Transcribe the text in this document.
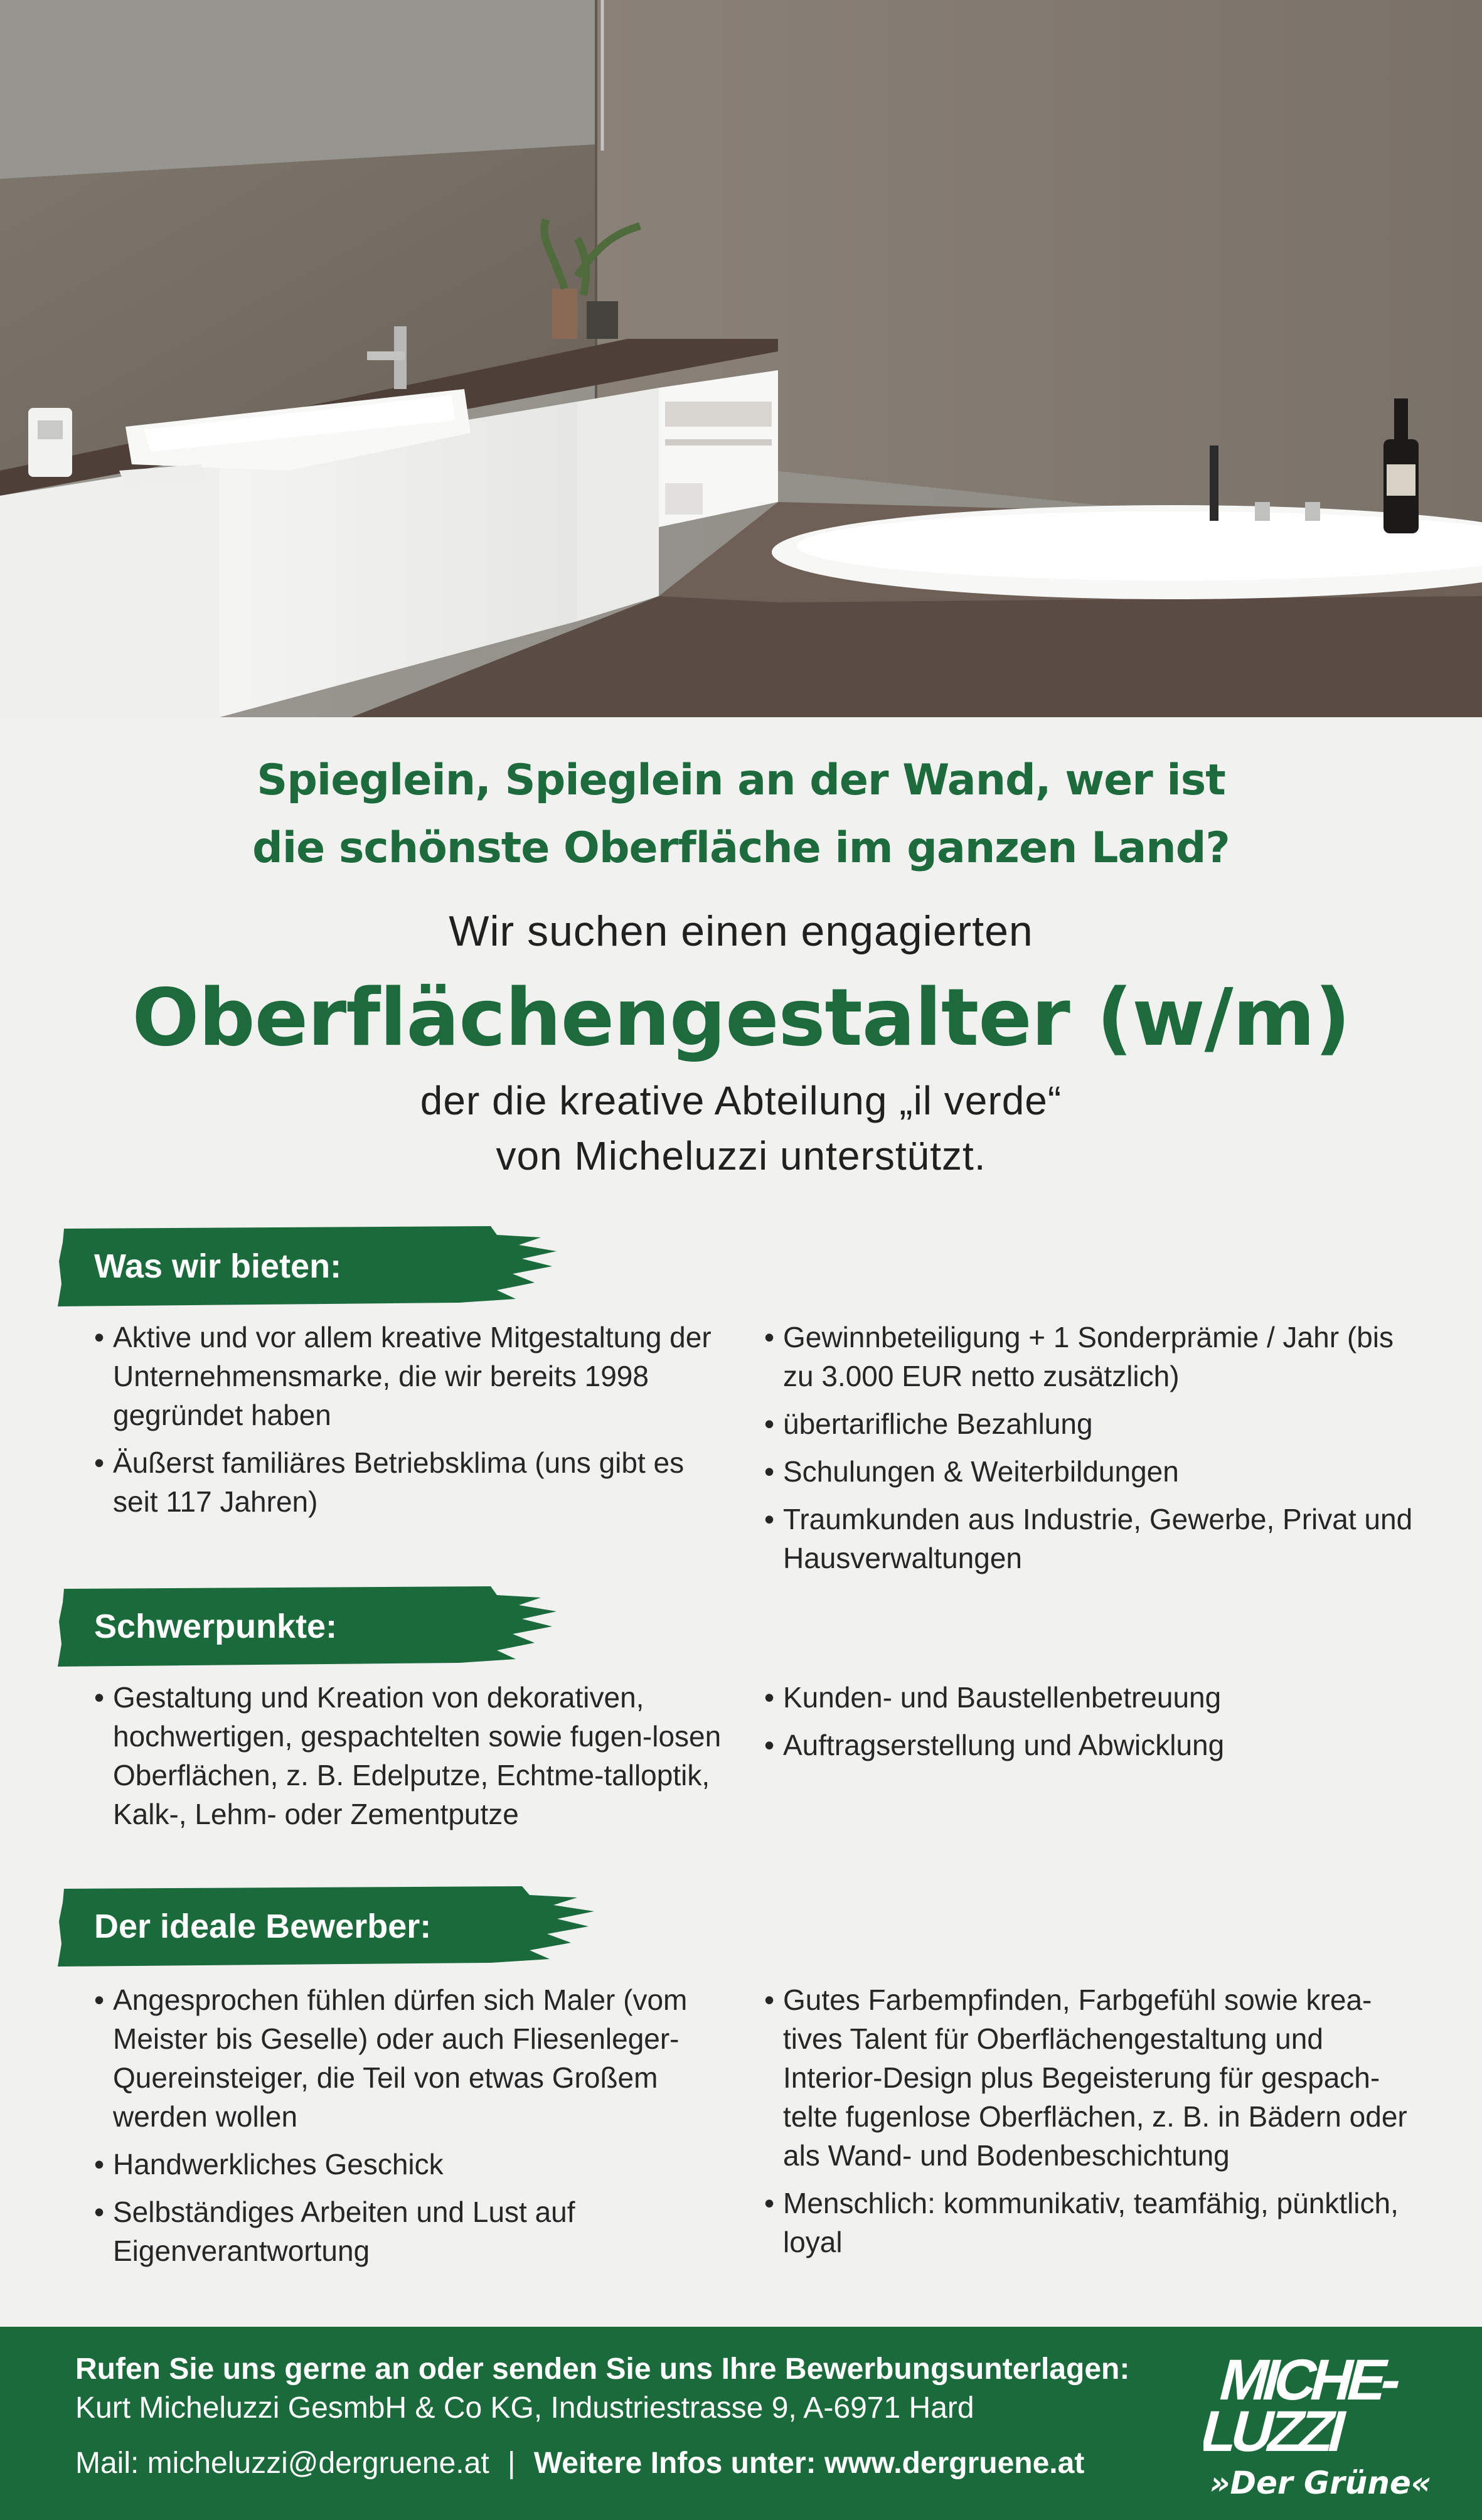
Spieglein, Spieglein an der Wand, wer ist
die schönste Oberfläche im ganzen Land?
Wir suchen einen engagierten
Oberflächengestalter (w/m)
der die kreative Abteilung „il verde“
von Micheluzzi unterstützt.
Was wir bieten:
• Aktive und vor allem kreative Mitgestaltung der Unternehmensmarke, die wir bereits 1998 gegründet haben
• Äußerst familiäres Betriebsklima (uns gibt es seit 117 Jahren)
• Gewinnbeteiligung + 1 Sonderprämie / Jahr (bis zu 3.000 EUR netto zusätzlich)
• übertarifliche Bezahlung
• Schulungen & Weiterbildungen
• Traumkunden aus Industrie, Gewerbe, Privat und Hausverwaltungen
Schwerpunkte:
• Gestaltung und Kreation von dekorativen, hochwertigen, gespachtelten sowie fugen-losen Oberflächen, z. B. Edelputze, Echtme-talloptik, Kalk-, Lehm- oder Zementputze
• Kunden- und Baustellenbetreuung
• Auftragserstellung und Abwicklung
Der ideale Bewerber:
• Angesprochen fühlen dürfen sich Maler (vom Meister bis Geselle) oder auch Fliesenleger-Quereinsteiger, die Teil von etwas Großem werden wollen
• Handwerkliches Geschick
• Selbständiges Arbeiten und Lust auf Eigenverantwortung
• Gutes Farbempfinden, Farbgefühl sowie krea-tives Talent für Oberflächengestaltung und Interior-Design plus Begeisterung für gespach-telte fugenlose Oberflächen, z. B. in Bädern oder als Wand- und Bodenbeschichtung
• Menschlich: kommunikativ, teamfähig, pünktlich, loyal
Rufen Sie uns gerne an oder senden Sie uns Ihre Bewerbungsunterlagen:
Kurt Micheluzzi GesmbH & Co KG, Industriestrasse 9, A-6971 Hard
Mail: micheluzzi@dergruene.at | Weitere Infos unter: www.dergruene.at
MICHE-
LUZZI
»Der Grüne«
